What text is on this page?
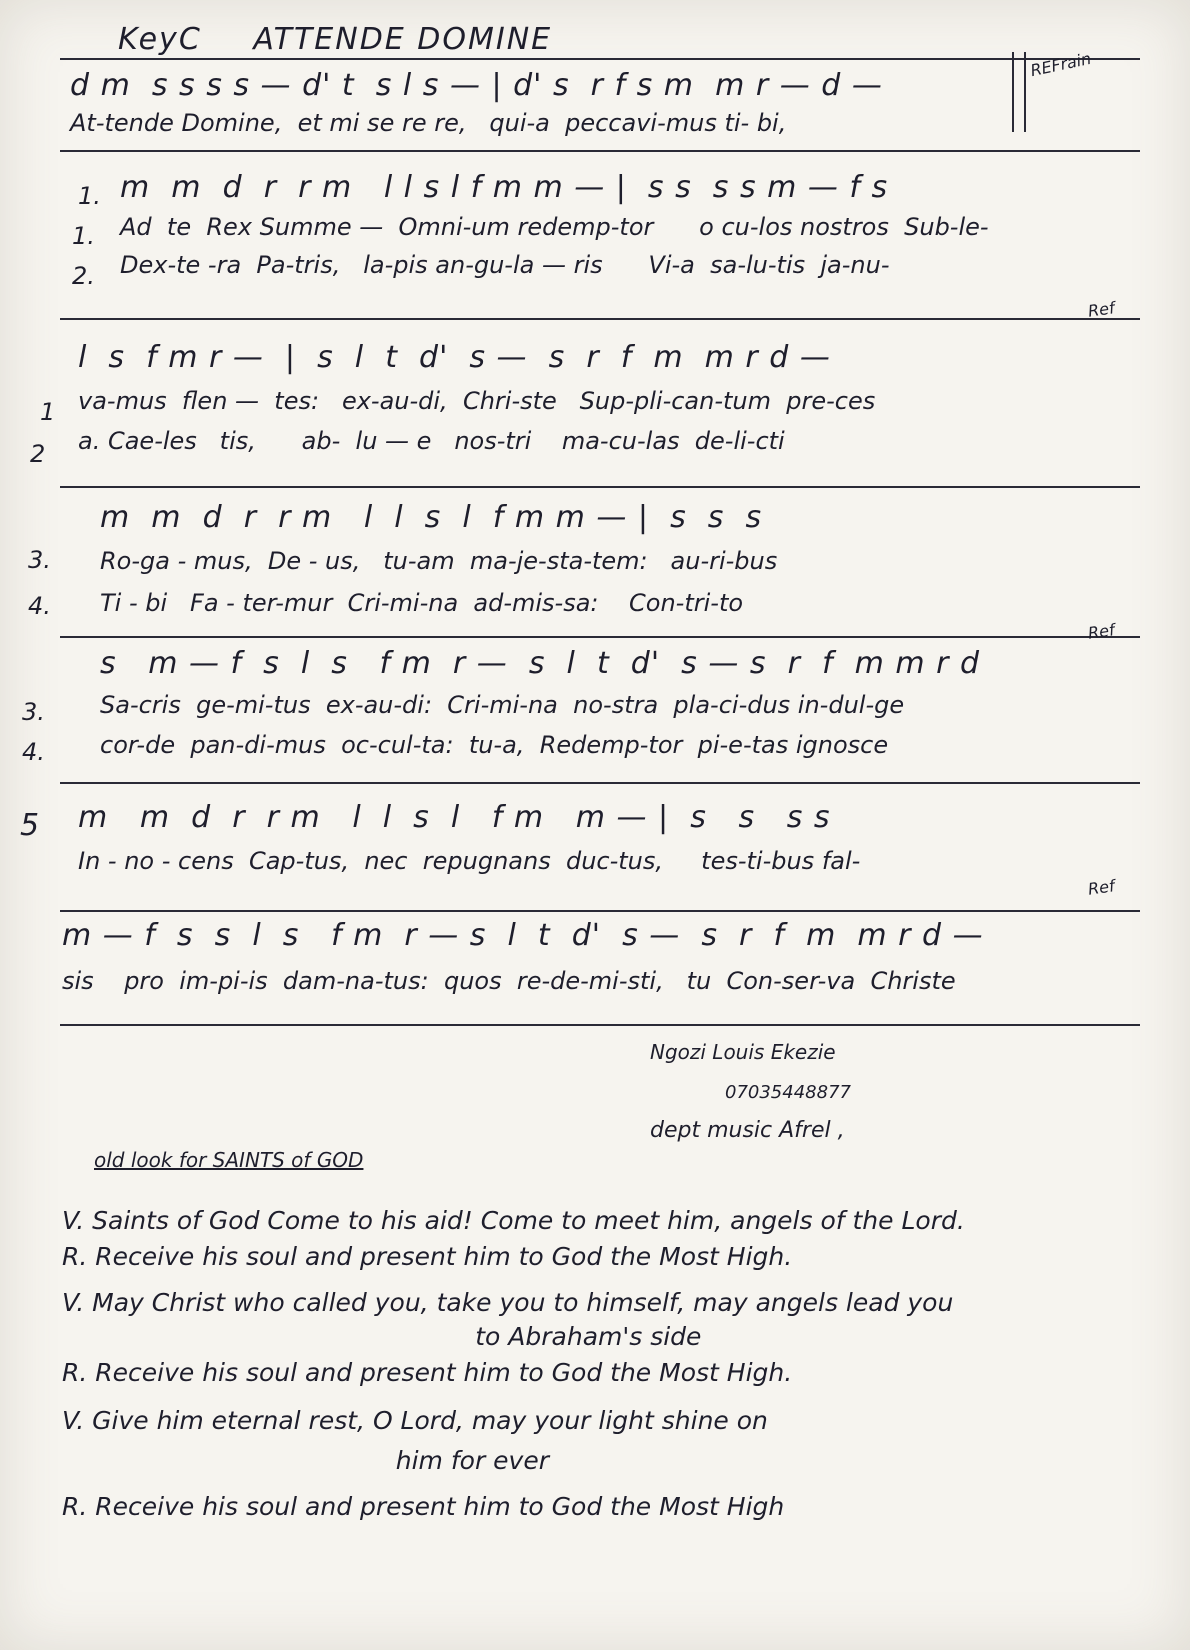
KeyC ATTENDE DOMINE
REFrain
d m  s s s s — d' t  s l s — | d' s  r f s m  m r — d —
At-tende Domine,  et mi se re re,   qui-a  peccavi-mus ti- bi,
1.
1.
2.
m  m  d  r  r m   l l s l f m m — |  s s  s s m — f s
Ad  te  Rex Summe —  Omni-um redemp-tor      o cu-los nostros  Sub-le-
Dex-te -ra  Pa-tris,   la-pis an-gu-la — ris      Vi-a  sa-lu-tis  ja-nu-
Ref
1
2
l  s  f m r —  |  s  l  t  d'  s —  s  r  f  m  m r d —
va-mus  flen —  tes:   ex-au-di,  Chri-ste   Sup-pli-can-tum  pre-ces
a. Cae-les   tis,      ab-  lu — e   nos-tri    ma-cu-las  de-li-cti
3.
4.
m  m  d  r  r m   l  l  s  l  f m m — |  s  s  s
Ro-ga - mus,  De - us,   tu-am  ma-je-sta-tem:   au-ri-bus
Ti - bi   Fa - ter-mur  Cri-mi-na  ad-mis-sa:    Con-tri-to
Ref
3.
4.
s   m — f  s  l  s   f m  r —  s  l  t  d'  s — s  r  f  m m r d
Sa-cris  ge-mi-tus  ex-au-di:  Cri-mi-na  no-stra  pla-ci-dus in-dul-ge
cor-de  pan-di-mus  oc-cul-ta:  tu-a,  Redemp-tor  pi-e-tas ignosce
5 m   m  d  r  r m   l  l  s  l   f m   m — |  s   s   s s
In - no - cens  Cap-tus,  nec  repugnans  duc-tus,     tes-ti-bus fal-
Ref
m — f  s  s  l  s   f m  r — s  l  t  d'  s —  s  r  f  m  m r d —
sis    pro  im-pi-is  dam-na-tus:  quos  re-de-mi-sti,   tu  Con-ser-va  Christe
Ngozi Louis Ekezie
07035448877
dept music Afrel ,
old look for SAINTS of GOD
V. Saints of God Come to his aid! Come to meet him, angels of the Lord.
R. Receive his soul and present him to God the Most High.
V. May Christ who called you, take you to himself, may angels lead you
to Abraham's side
R. Receive his soul and present him to God the Most High.
V. Give him eternal rest, O Lord, may your light shine on
him for ever
R. Receive his soul and present him to God the Most High
